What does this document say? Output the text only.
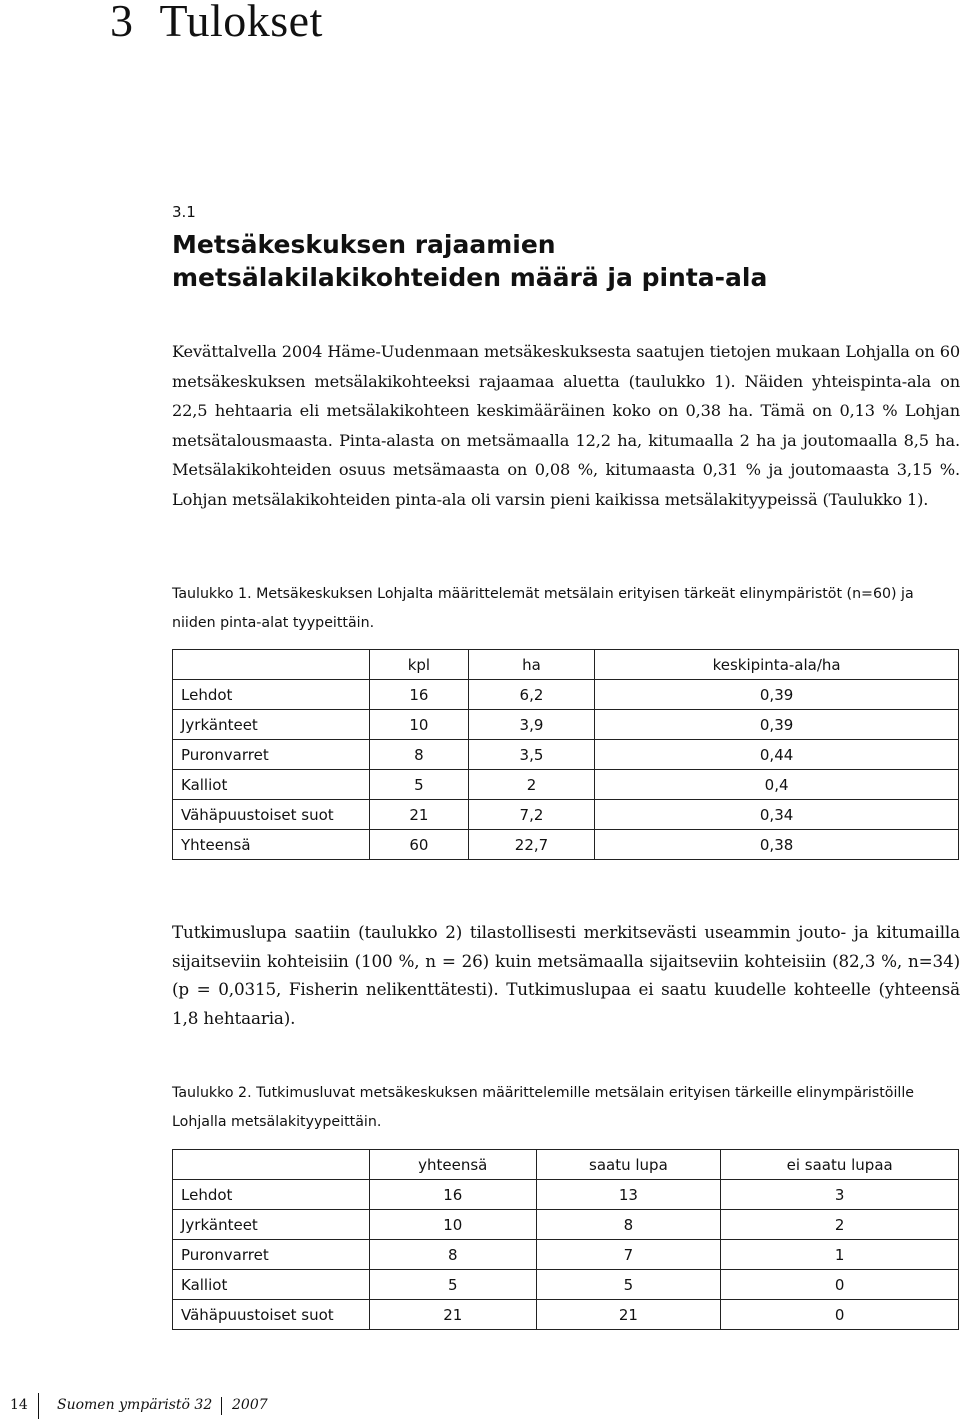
3 Tulokset
3.1
Metsäkeskuksen rajaamien
metsälakilakikohteiden määrä ja pinta-ala

Kevättalvella 2004 Häme-Uudenmaan metsäkeskuksesta saatujen tietojen mukaan Lohjalla on 60 metsäkeskuksen metsälakikohteeksi rajaamaa aluetta (taulukko 1). Näiden yhteispinta-ala on 22,5 hehtaaria eli metsälakikohteen keskimääräinen koko on 0,38 ha. Tämä on 0,13 % Lohjan metsätalousmaasta. Pinta-alasta on metsämaalla 12,2 ha, kitumaalla 2 ha ja joutomaalla 8,5 ha. Metsälakikohteiden osuus metsämaasta on 0,08 %, kitumaasta 0,31 % ja joutomaasta 3,15 %. Lohjan metsälakikohteiden pinta-ala oli varsin pieni kaikissa metsälakityypeissä (Taulukko 1).

Taulukko 1. Metsäkeskuksen Lohjalta määrittelemät metsälain erityisen tärkeät elinympäristöt (n=60) ja niiden pinta-alat tyypeittäin.

	kpl	ha	keskipinta-ala/ha
Lehdot	16	6,2	0,39
Jyrkänteet	10	3,9	0,39
Puronvarret	8	3,5	0,44
Kalliot	5	2	0,4
Vähäpuustoiset suot	21	7,2	0,34
Yhteensä	60	22,7	0,38

Tutkimuslupa saatiin (taulukko 2) tilastollisesti merkitsevästi useammin jouto- ja kitumailla sijaitseviin kohteisiin (100 %, n = 26) kuin metsämaalla sijaitseviin kohteisiin (82,3 %, n=34) (p = 0,0315, Fisherin nelikenttätesti). Tutkimuslupaa ei saatu kuudelle kohteelle (yhteensä 1,8 hehtaaria).

Taulukko 2. Tutkimusluvat metsäkeskuksen määrittelemille metsälain erityisen tärkeille elinympäristöille Lohjalla metsälakityypeittäin.

	yhteensä	saatu lupa	ei saatu lupaa
Lehdot	16	13	3
Jyrkänteet	10	8	2
Puronvarret	8	7	1
Kalliot	5	5	0
Vähäpuustoiset suot	21	21	0
14 Suomen ympäristö 32 2007
